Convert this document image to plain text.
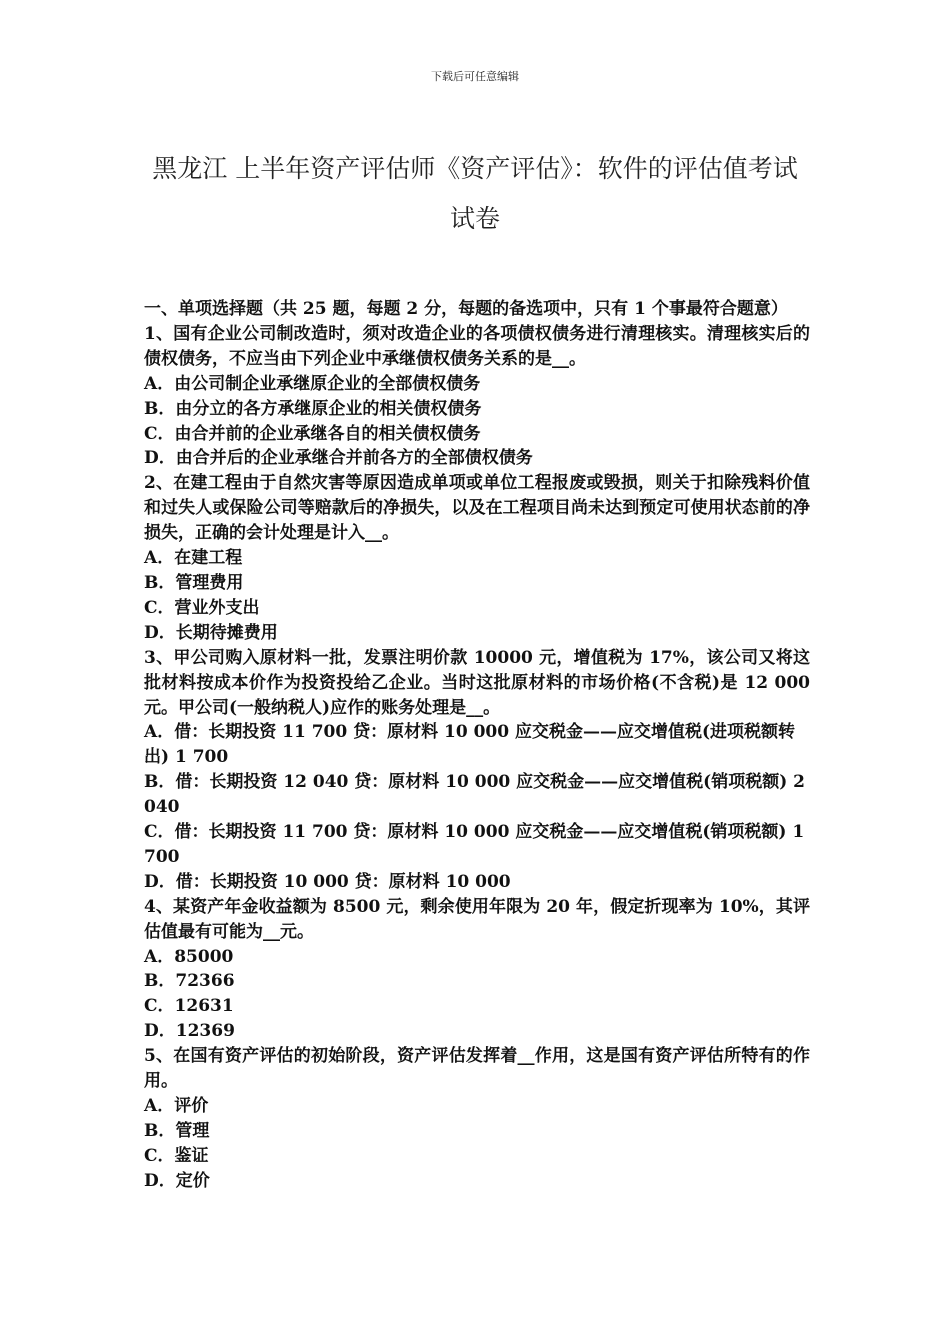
下载后可任意编辑
黑龙江 上半年资产评估师《资产评估》：软件的评估值考试试卷
一、单项选择题（共 25 题，每题 2 分，每题的备选项中，只有 1 个事最符合题意）
1、国有企业公司制改造时，须对改造企业的各项债权债务进行清理核实。清理核实后的债权债务，不应当由下列企业中承继债权债务关系的是__。
A．由公司制企业承继原企业的全部债权债务
B．由分立的各方承继原企业的相关债权债务
C．由合并前的企业承继各自的相关债权债务
D．由合并后的企业承继合并前各方的全部债权债务
2、在建工程由于自然灾害等原因造成单项或单位工程报废或毁损，则关于扣除残料价值和过失人或保险公司等赔款后的净损失，以及在工程项目尚未达到预定可使用状态前的净损失，正确的会计处理是计入__。
A．在建工程
B．管理费用
C．营业外支出
D．长期待摊费用
3、甲公司购入原材料一批，发票注明价款 10000 元，增值税为 17%，该公司又将这批材料按成本价作为投资投给乙企业。当时这批原材料的市场价格(不含税)是 12 000 元。甲公司(一般纳税人)应作的账务处理是__。
A．借：长期投资 11 700 贷：原材料 10 000 应交税金——应交增值税(进项税额转出) 1 700
B．借：长期投资 12 040 贷：原材料 10 000 应交税金——应交增值税(销项税额) 2 040
C．借：长期投资 11 700 贷：原材料 10 000 应交税金——应交增值税(销项税额) 1 700
D．借：长期投资 10 000 贷：原材料 10 000
4、某资产年金收益额为 8500 元，剩余使用年限为 20 年，假定折现率为 10%，其评估值最有可能为__元。
A．85000
B．72366
C．12631
D．12369
5、在国有资产评估的初始阶段，资产评估发挥着__作用，这是国有资产评估所特有的作用。
A．评价
B．管理
C．鉴证
D．定价
